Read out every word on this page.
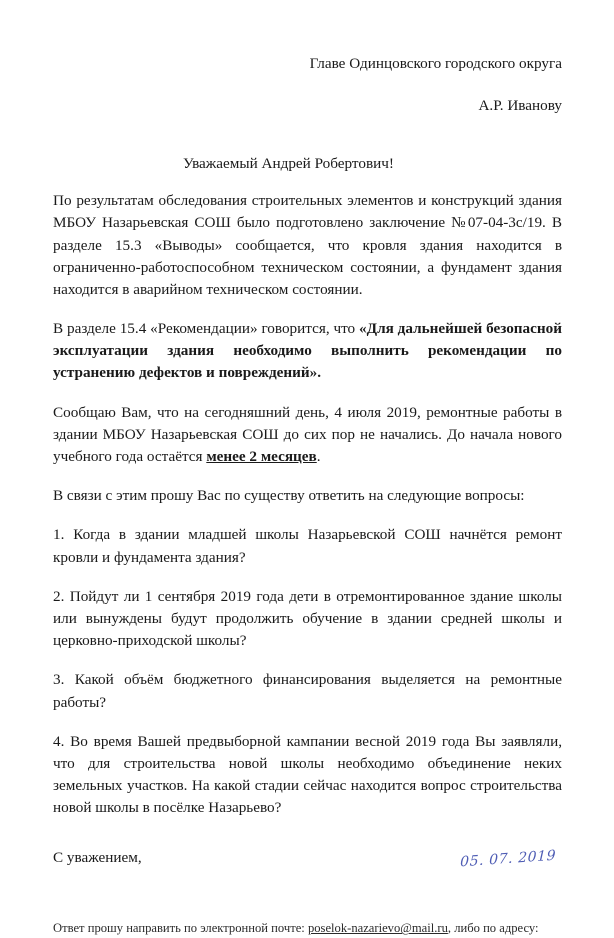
Главе Одинцовского городского округа
А.Р. Иванову
Уважаемый Андрей Робертович!

По результатам обследования строительных элементов и конструкций здания МБОУ Назарьевская СОШ было подготовлено заключение №07-04-3с/19. В разделе 15.3 «Выводы» сообщается, что кровля здания находится в ограниченно-работоспособном техническом состоянии, а фундамент здания находится в аварийном техническом состоянии.

В разделе 15.4 «Рекомендации» говорится, что «Для дальнейшей безопасной эксплуатации здания необходимо выполнить рекомендации по устранению дефектов и повреждений».

Сообщаю Вам, что на сегодняшний день, 4 июля 2019, ремонтные работы в здании МБОУ Назарьевская СОШ до сих пор не начались. До начала нового учебного года остаётся менее 2 месяцев.

В связи с этим прошу Вас по существу ответить на следующие вопросы:

1. Когда в здании младшей школы Назарьевской СОШ начнётся ремонт кровли и фундамента здания?

2. Пойдут ли 1 сентября 2019 года дети в отремонтированное здание школы или вынуждены будут продолжить обучение в здании средней школы и церковно-приходской школы?

3. Какой объём бюджетного финансирования выделяется на ремонтные работы?

4. Во время Вашей предвыборной кампании весной 2019 года Вы заявляли, что для строительства новой школы необходимо объединение неких земельных участков. На какой стадии сейчас находится вопрос строительства новой школы в посёлке Назарьево?

С уважением,	05. 07. 2019
Ответ прошу направить по электронной почте: poselok-nazarievo@mail.ru, либо по адресу:
